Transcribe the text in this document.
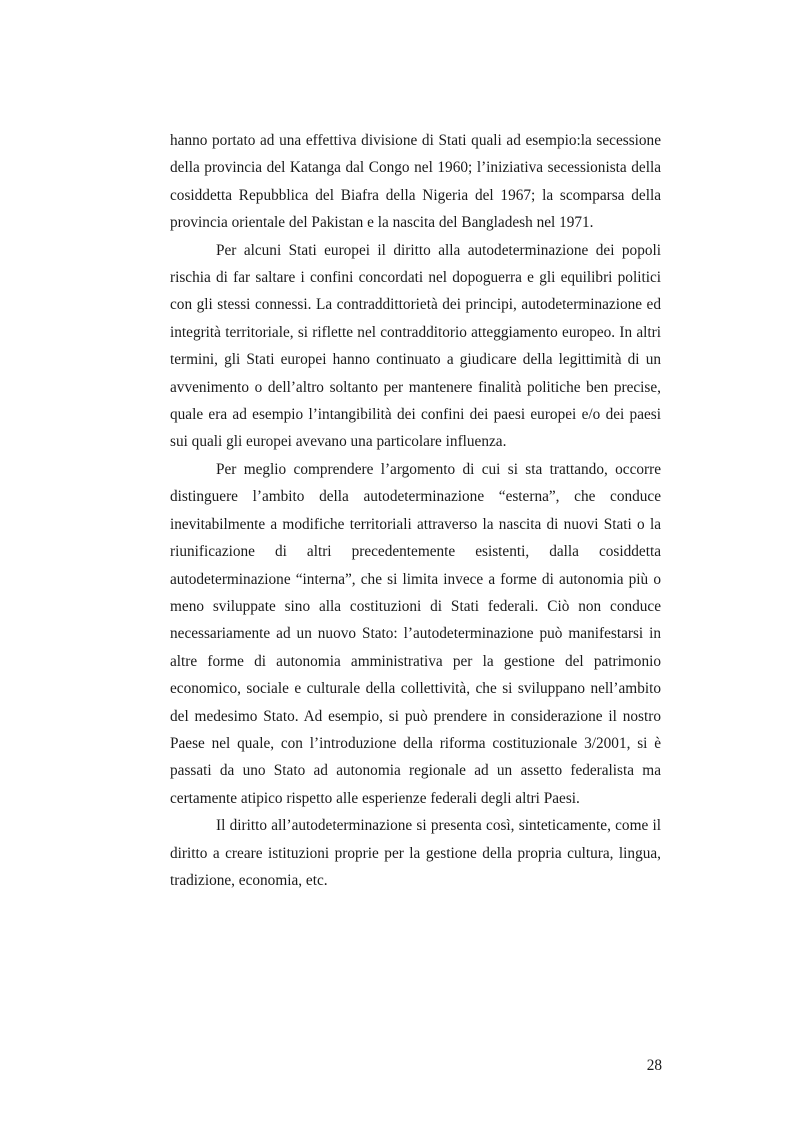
hanno portato ad una effettiva divisione di Stati quali ad esempio:la secessione della provincia del Katanga dal Congo nel 1960; l’iniziativa secessionista della cosiddetta Repubblica del Biafra della Nigeria del 1967; la scomparsa della provincia orientale del Pakistan e la nascita del Bangladesh nel 1971.

Per alcuni Stati europei il diritto alla autodeterminazione dei popoli rischia di far saltare i confini concordati nel dopoguerra e gli equilibri politici con gli stessi connessi. La contraddittorietà dei principi, autodeterminazione ed integrità territoriale, si riflette nel contradditorio atteggiamento europeo. In altri termini, gli Stati europei hanno continuato a giudicare della legittimità di un avvenimento o dell’altro soltanto per mantenere finalità politiche ben precise, quale era ad esempio l’intangibilità dei confini dei paesi europei e/o dei paesi sui quali gli europei avevano una particolare influenza.

Per meglio comprendere l’argomento di cui si sta trattando, occorre distinguere l’ambito della autodeterminazione “esterna”, che conduce inevitabilmente a modifiche territoriali attraverso la nascita di nuovi Stati o la riunificazione di altri precedentemente esistenti, dalla cosiddetta autodeterminazione “interna”, che si limita invece a forme di autonomia più o meno sviluppate sino alla costituzioni di Stati federali. Ciò non conduce necessariamente ad un nuovo Stato: l’autodeterminazione può manifestarsi in altre forme di autonomia amministrativa per la gestione del patrimonio economico, sociale e culturale della collettività, che si sviluppano nell’ambito del medesimo Stato. Ad esempio, si può prendere in considerazione il nostro Paese nel quale, con l’introduzione della riforma costituzionale 3/2001, si è passati da uno Stato ad autonomia regionale ad un assetto federalista ma certamente atipico rispetto alle esperienze federali degli altri Paesi.

Il diritto all’autodeterminazione si presenta così, sinteticamente, come il diritto a creare istituzioni proprie per la gestione della propria cultura, lingua, tradizione, economia, etc.

28
